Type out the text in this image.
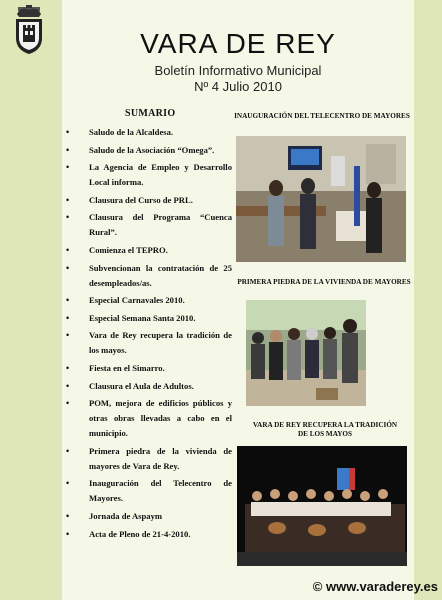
VARA DE REY
Boletín Informativo Municipal
Nº 4 Julio 2010
SUMARIO
• Saludo de la Alcaldesa.
• Saludo de la Asociación “Omega”.
• La Agencia de Empleo y Desarrollo Local informa.
• Clausura del Curso de PRL.
• Clausura del Programa “Cuenca Rural”.
• Comienza el TEPRO.
• Subvencionan la contratación de 25 desempleados/as.
• Especial Carnavales 2010.
• Especial Semana Santa 2010.
• Vara de Rey recupera la tradición de los mayos.
• Fiesta en el Simarro.
• Clausura el Aula de Adultos.
• POM, mejora de edificios públicos y otras obras llevadas a cabo en el municipio.
• Primera piedra de la vivienda de mayores de Vara de Rey.
• Inauguración del Telecentro de Mayores.
• Jornada de Aspaym
• Acta de Pleno de 21-4-2010.
INAUGURACIÓN DEL TELECENTRO DE MAYORES
PRIMERA PIEDRA DE LA VIVIENDA DE MAYORES
VARA DE REY RECUPERA LA TRADICIÓN
DE LOS MAYOS
© www.varaderey.es
